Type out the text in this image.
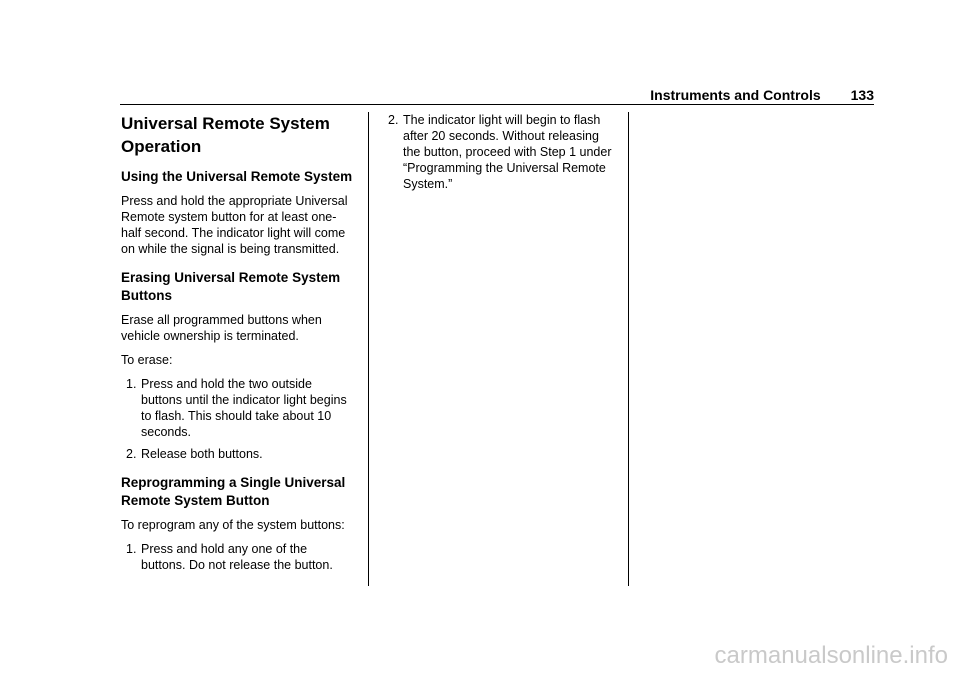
Instruments and Controls 133
Universal Remote System Operation
Using the Universal Remote System

Press and hold the appropriate Universal Remote system button for at least one-half second. The indicator light will come on while the signal is being transmitted.

Erasing Universal Remote System Buttons

Erase all programmed buttons when vehicle ownership is terminated.

To erase:

1. Press and hold the two outside buttons until the indicator light begins to flash. This should take about 10 seconds.
2. Release both buttons.
Reprogramming a Single Universal Remote System Button

To reprogram any of the system buttons:

1. Press and hold any one of the buttons. Do not release the button.
2. The indicator light will begin to flash after 20 seconds. Without releasing the button, proceed with Step 1 under “Programming the Universal Remote System.”
carmanualsonline.info
